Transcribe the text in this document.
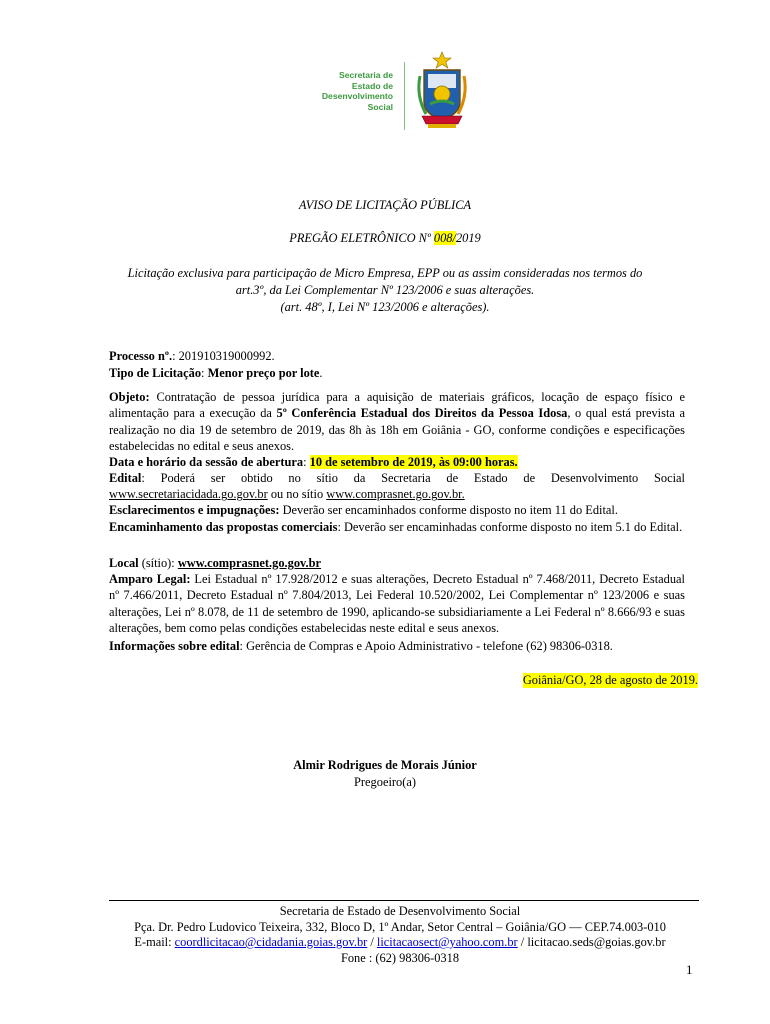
Secretaria de
Estado de
Desenvolvimento
Social
AVISO DE LICITAÇÃO PÚBLICA
PREGÃO ELETRÔNICO Nº 008/2019
Licitação exclusiva para participação de Micro Empresa, EPP ou as assim consideradas nos termos do
art.3º, da Lei Complementar Nº 123/2006 e suas alterações.
(art. 48º, I, Lei Nº 123/2006 e alterações).
Processo nº.: 201910319000992.
Tipo de Licitação: Menor preço por lote.
Objeto: Contratação de pessoa jurídica para a aquisição de materiais gráficos, locação de espaço físico e alimentação para a execução da 5º Conferência Estadual dos Direitos da Pessoa Idosa, o qual está prevista a realização no dia 19 de setembro de 2019, das 8h às 18h em Goiânia - GO, conforme condições e especificações estabelecidas no edital e seus anexos.
Data e horário da sessão de abertura: 10 de setembro de 2019, às 09:00 horas.
Edital: Poderá ser obtido no sítio da Secretaria de Estado de Desenvolvimento Social www.secretariacidada.go.gov.br ou no sítio www.comprasnet.go.gov.br.
Esclarecimentos e impugnações: Deverão ser encaminhados conforme disposto no item 11 do Edital.
Encaminhamento das propostas comerciais: Deverão ser encaminhadas conforme disposto no item 5.1 do Edital.
Local (sítio): www.comprasnet.go.gov.br
Amparo Legal: Lei Estadual nº 17.928/2012 e suas alterações, Decreto Estadual nº 7.468/2011, Decreto Estadual nº 7.466/2011, Decreto Estadual nº 7.804/2013, Lei Federal 10.520/2002, Lei Complementar nº 123/2006 e suas alterações, Lei nº 8.078, de 11 de setembro de 1990, aplicando-se subsidiariamente a Lei Federal nº 8.666/93 e suas alterações, bem como pelas condições estabelecidas neste edital e seus anexos.
Informações sobre edital: Gerência de Compras e Apoio Administrativo - telefone (62) 98306-0318.
Goiânia/GO, 28 de agosto de 2019.
Almir Rodrigues de Morais Júnior
Pregoeiro(a)
Secretaria de Estado de Desenvolvimento Social
Pça. Dr. Pedro Ludovico Teixeira, 332, Bloco D, 1º Andar, Setor Central – Goiânia/GO — CEP.74.003-010
E-mail: coordlicitacao@cidadania.goias.gov.br / licitacaosect@yahoo.com.br / licitacao.seds@goias.gov.br
Fone : (62) 98306-0318
1
